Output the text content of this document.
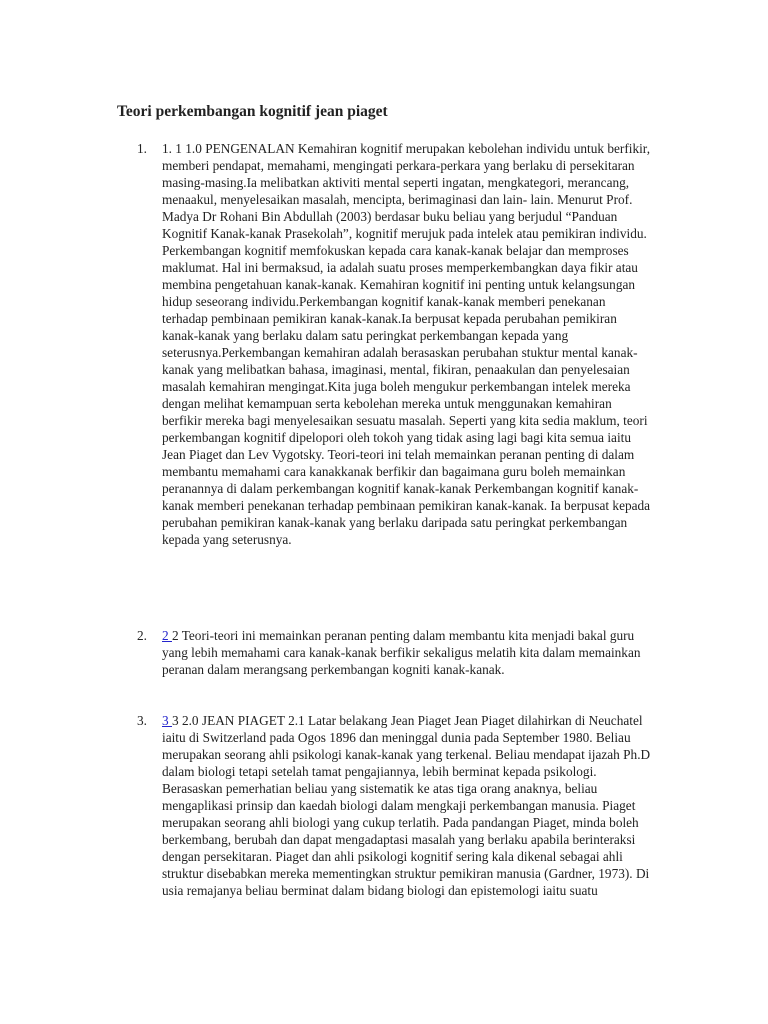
Teori perkembangan kognitif jean piaget
1. 1. 1 1.0 PENGENALAN Kemahiran kognitif merupakan kebolehan individu untuk berfikir, memberi pendapat, memahami, mengingati perkara-perkara yang berlaku di persekitaran masing-masing.Ia melibatkan aktiviti mental seperti ingatan, mengkategori, merancang, menaakul, menyelesaikan masalah, mencipta, berimaginasi dan lain- lain. Menurut Prof. Madya Dr Rohani Bin Abdullah (2003) berdasar buku beliau yang berjudul “Panduan Kognitif Kanak-kanak Prasekolah”, kognitif merujuk pada intelek atau pemikiran individu. Perkembangan kognitif memfokuskan kepada cara kanak-kanak belajar dan memproses maklumat. Hal ini bermaksud, ia adalah suatu proses memperkembangkan daya fikir atau membina pengetahuan kanak-kanak. Kemahiran kognitif ini penting untuk kelangsungan hidup seseorang individu.Perkembangan kognitif kanak-kanak memberi penekanan terhadap pembinaan pemikiran kanak-kanak.Ia berpusat kepada perubahan pemikiran kanak-kanak yang berlaku dalam satu peringkat perkembangan kepada yang seterusnya.Perkembangan kemahiran adalah berasaskan perubahan stuktur mental kanak-kanak yang melibatkan bahasa, imaginasi, mental, fikiran, penaakulan dan penyelesaian masalah kemahiran mengingat.Kita juga boleh mengukur perkembangan intelek mereka dengan melihat kemampuan serta kebolehan mereka untuk menggunakan kemahiran berfikir mereka bagi menyelesaikan sesuatu masalah. Seperti yang kita sedia maklum, teori perkembangan kognitif dipelopori oleh tokoh yang tidak asing lagi bagi kita semua iaitu Jean Piaget dan Lev Vygotsky. Teori-teori ini telah memainkan peranan penting di dalam membantu memahami cara kanakkanak berfikir dan bagaimana guru boleh memainkan peranannya di dalam perkembangan kognitif kanak-kanak Perkembangan kognitif kanak-kanak memberi penekanan terhadap pembinaan pemikiran kanak-kanak. Ia berpusat kepada perubahan pemikiran kanak-kanak yang berlaku daripada satu peringkat perkembangan kepada yang seterusnya.
2. 2 2 Teori-teori ini memainkan peranan penting dalam membantu kita menjadi bakal guru yang lebih memahami cara kanak-kanak berfikir sekaligus melatih kita dalam memainkan peranan dalam merangsang perkembangan kogniti kanak-kanak.
3. 3 3 2.0 JEAN PIAGET 2.1 Latar belakang Jean Piaget Jean Piaget dilahirkan di Neuchatel iaitu di Switzerland pada Ogos 1896 dan meninggal dunia pada September 1980. Beliau merupakan seorang ahli psikologi kanak-kanak yang terkenal. Beliau mendapat ijazah Ph.D dalam biologi tetapi setelah tamat pengajiannya, lebih berminat kepada psikologi. Berasaskan pemerhatian beliau yang sistematik ke atas tiga orang anaknya, beliau mengaplikasi prinsip dan kaedah biologi dalam mengkaji perkembangan manusia. Piaget merupakan seorang ahli biologi yang cukup terlatih. Pada pandangan Piaget, minda boleh berkembang, berubah dan dapat mengadaptasi masalah yang berlaku apabila berinteraksi dengan persekitaran. Piaget dan ahli psikologi kognitif sering kala dikenal sebagai ahli struktur disebabkan mereka mementingkan struktur pemikiran manusia (Gardner, 1973). Di usia remajanya beliau berminat dalam bidang biologi dan epistemologi iaitu suatu
